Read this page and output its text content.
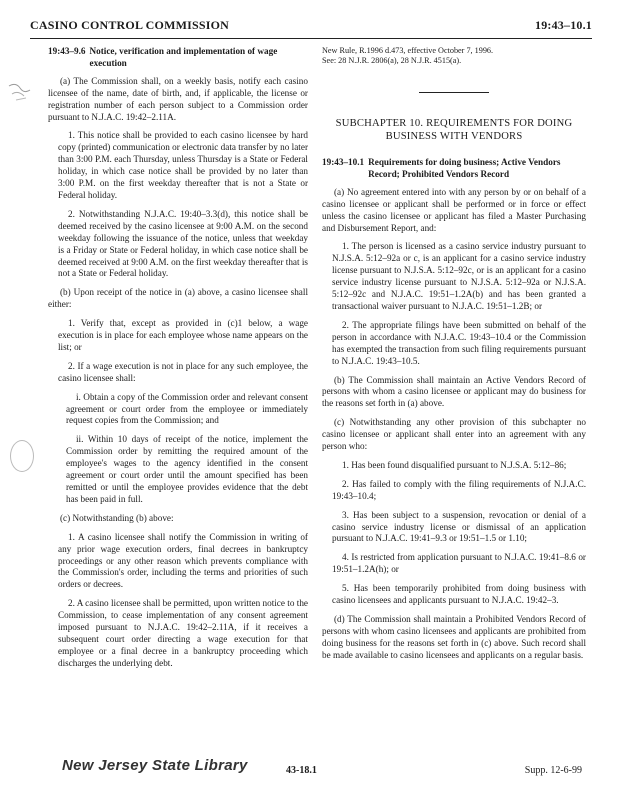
CASINO CONTROL COMMISSION	19:43–10.1
19:43–9.6 Notice, verification and implementation of wage execution

(a) The Commission shall, on a weekly basis, notify each casino licensee of the name, date of birth, and, if applicable, the license or registration number of each person subject to a Commission order pursuant to N.J.A.C. 19:42–2.11A.

1. This notice shall be provided to each casino licensee by hard copy (printed) communication or electronic data transfer by no later than 3:00 P.M. each Thursday, unless Thursday is a State or Federal holiday, in which case notice shall be provided by no later than 3:00 P.M. on the first weekday thereafter that is not a State or Federal holiday.

2. Notwithstanding N.J.A.C. 19:40–3.3(d), this notice shall be deemed received by the casino licensee at 9:00 A.M. on the second weekday following the issuance of the notice, unless that weekday is a Friday or State or Federal holiday, in which case notice shall be deemed received at 9:00 A.M. on the first weekday thereafter that is not a State or Federal holiday.

(b) Upon receipt of the notice in (a) above, a casino licensee shall either:

1. Verify that, except as provided in (c)1 below, a wage execution is in place for each employee whose name appears on the list; or

2. If a wage execution is not in place for any such employee, the casino licensee shall:

i. Obtain a copy of the Commission order and relevant consent agreement or court order from the employee or immediately request copies from the Commission; and

ii. Within 10 days of receipt of the notice, implement the Commission order by remitting the required amount of the employee's wages to the agency identified in the consent agreement or court order until the amount specified has been remitted or until the employee provides evidence that the debt has been paid in full.

(c) Notwithstanding (b) above:

1. A casino licensee shall notify the Commission in writing of any prior wage execution orders, final decrees in bankruptcy proceedings or any other reason which prevents compliance with the Commission's order, including the terms and priorities of such orders or decrees.

2. A casino licensee shall be permitted, upon written notice to the Commission, to cease implementation of any consent agreement imposed pursuant to N.J.A.C. 19:42–2.11A, if it receives a subsequent court order directing a wage execution for that employee or a final decree in a bankruptcy proceeding which discharges the underlying debt.

New Rule, R.1996 d.473, effective October 7, 1996.

See: 28 N.J.R. 2806(a), 28 N.J.R. 4515(a).

SUBCHAPTER 10. REQUIREMENTS FOR DOING BUSINESS WITH VENDORS

19:43–10.1 Requirements for doing business; Active Vendors Record; Prohibited Vendors Record

(a) No agreement entered into with any person by or on behalf of a casino licensee or applicant shall be performed or in force or effect unless the casino licensee or applicant has filed a Master Purchasing and Disbursement Report, and:

1. The person is licensed as a casino service industry pursuant to N.J.S.A. 5:12–92a or c, is an applicant for a casino service industry license pursuant to N.J.S.A. 5:12–92c, or is an applicant for a casino service industry license pursuant to N.J.S.A. 5:12–92a or N.J.S.A. 5:12–92c and N.J.A.C. 19:51–1.2A(b) and has been granted a transactional waiver pursuant to N.J.A.C. 19:51–1.2B; or

2. The appropriate filings have been submitted on behalf of the person in accordance with N.J.A.C. 19:43–10.4 or the Commission has exempted the transaction from such filing requirements pursuant to N.J.A.C. 19:43–10.5.

(b) The Commission shall maintain an Active Vendors Record of persons with whom a casino licensee or applicant may do business for the reasons set forth in (a) above.

(c) Notwithstanding any other provision of this subchapter no casino licensee or applicant shall enter into an agreement with any person who:

1. Has been found disqualified pursuant to N.J.S.A. 5:12–86;

2. Has failed to comply with the filing requirements of N.J.A.C. 19:43–10.4;

3. Has been subject to a suspension, revocation or denial of a casino service industry license or dismissal of an application pursuant to N.J.A.C. 19:41–9.3 or 19:51–1.5 or 1.10;

4. Is restricted from application pursuant to N.J.A.C. 19:41–8.6 or 19:51–1.2A(h); or

5. Has been temporarily prohibited from doing business with casino licensees and applicants pursuant to N.J.A.C. 19:42–3.

(d) The Commission shall maintain a Prohibited Vendors Record of persons with whom casino licensees and applicants are prohibited from doing business for the reasons set forth in (c) above. Such record shall be made available to casino licensees and applicants on a regular basis.

New Jersey State Library	43-18.1	Supp. 12-6-99
